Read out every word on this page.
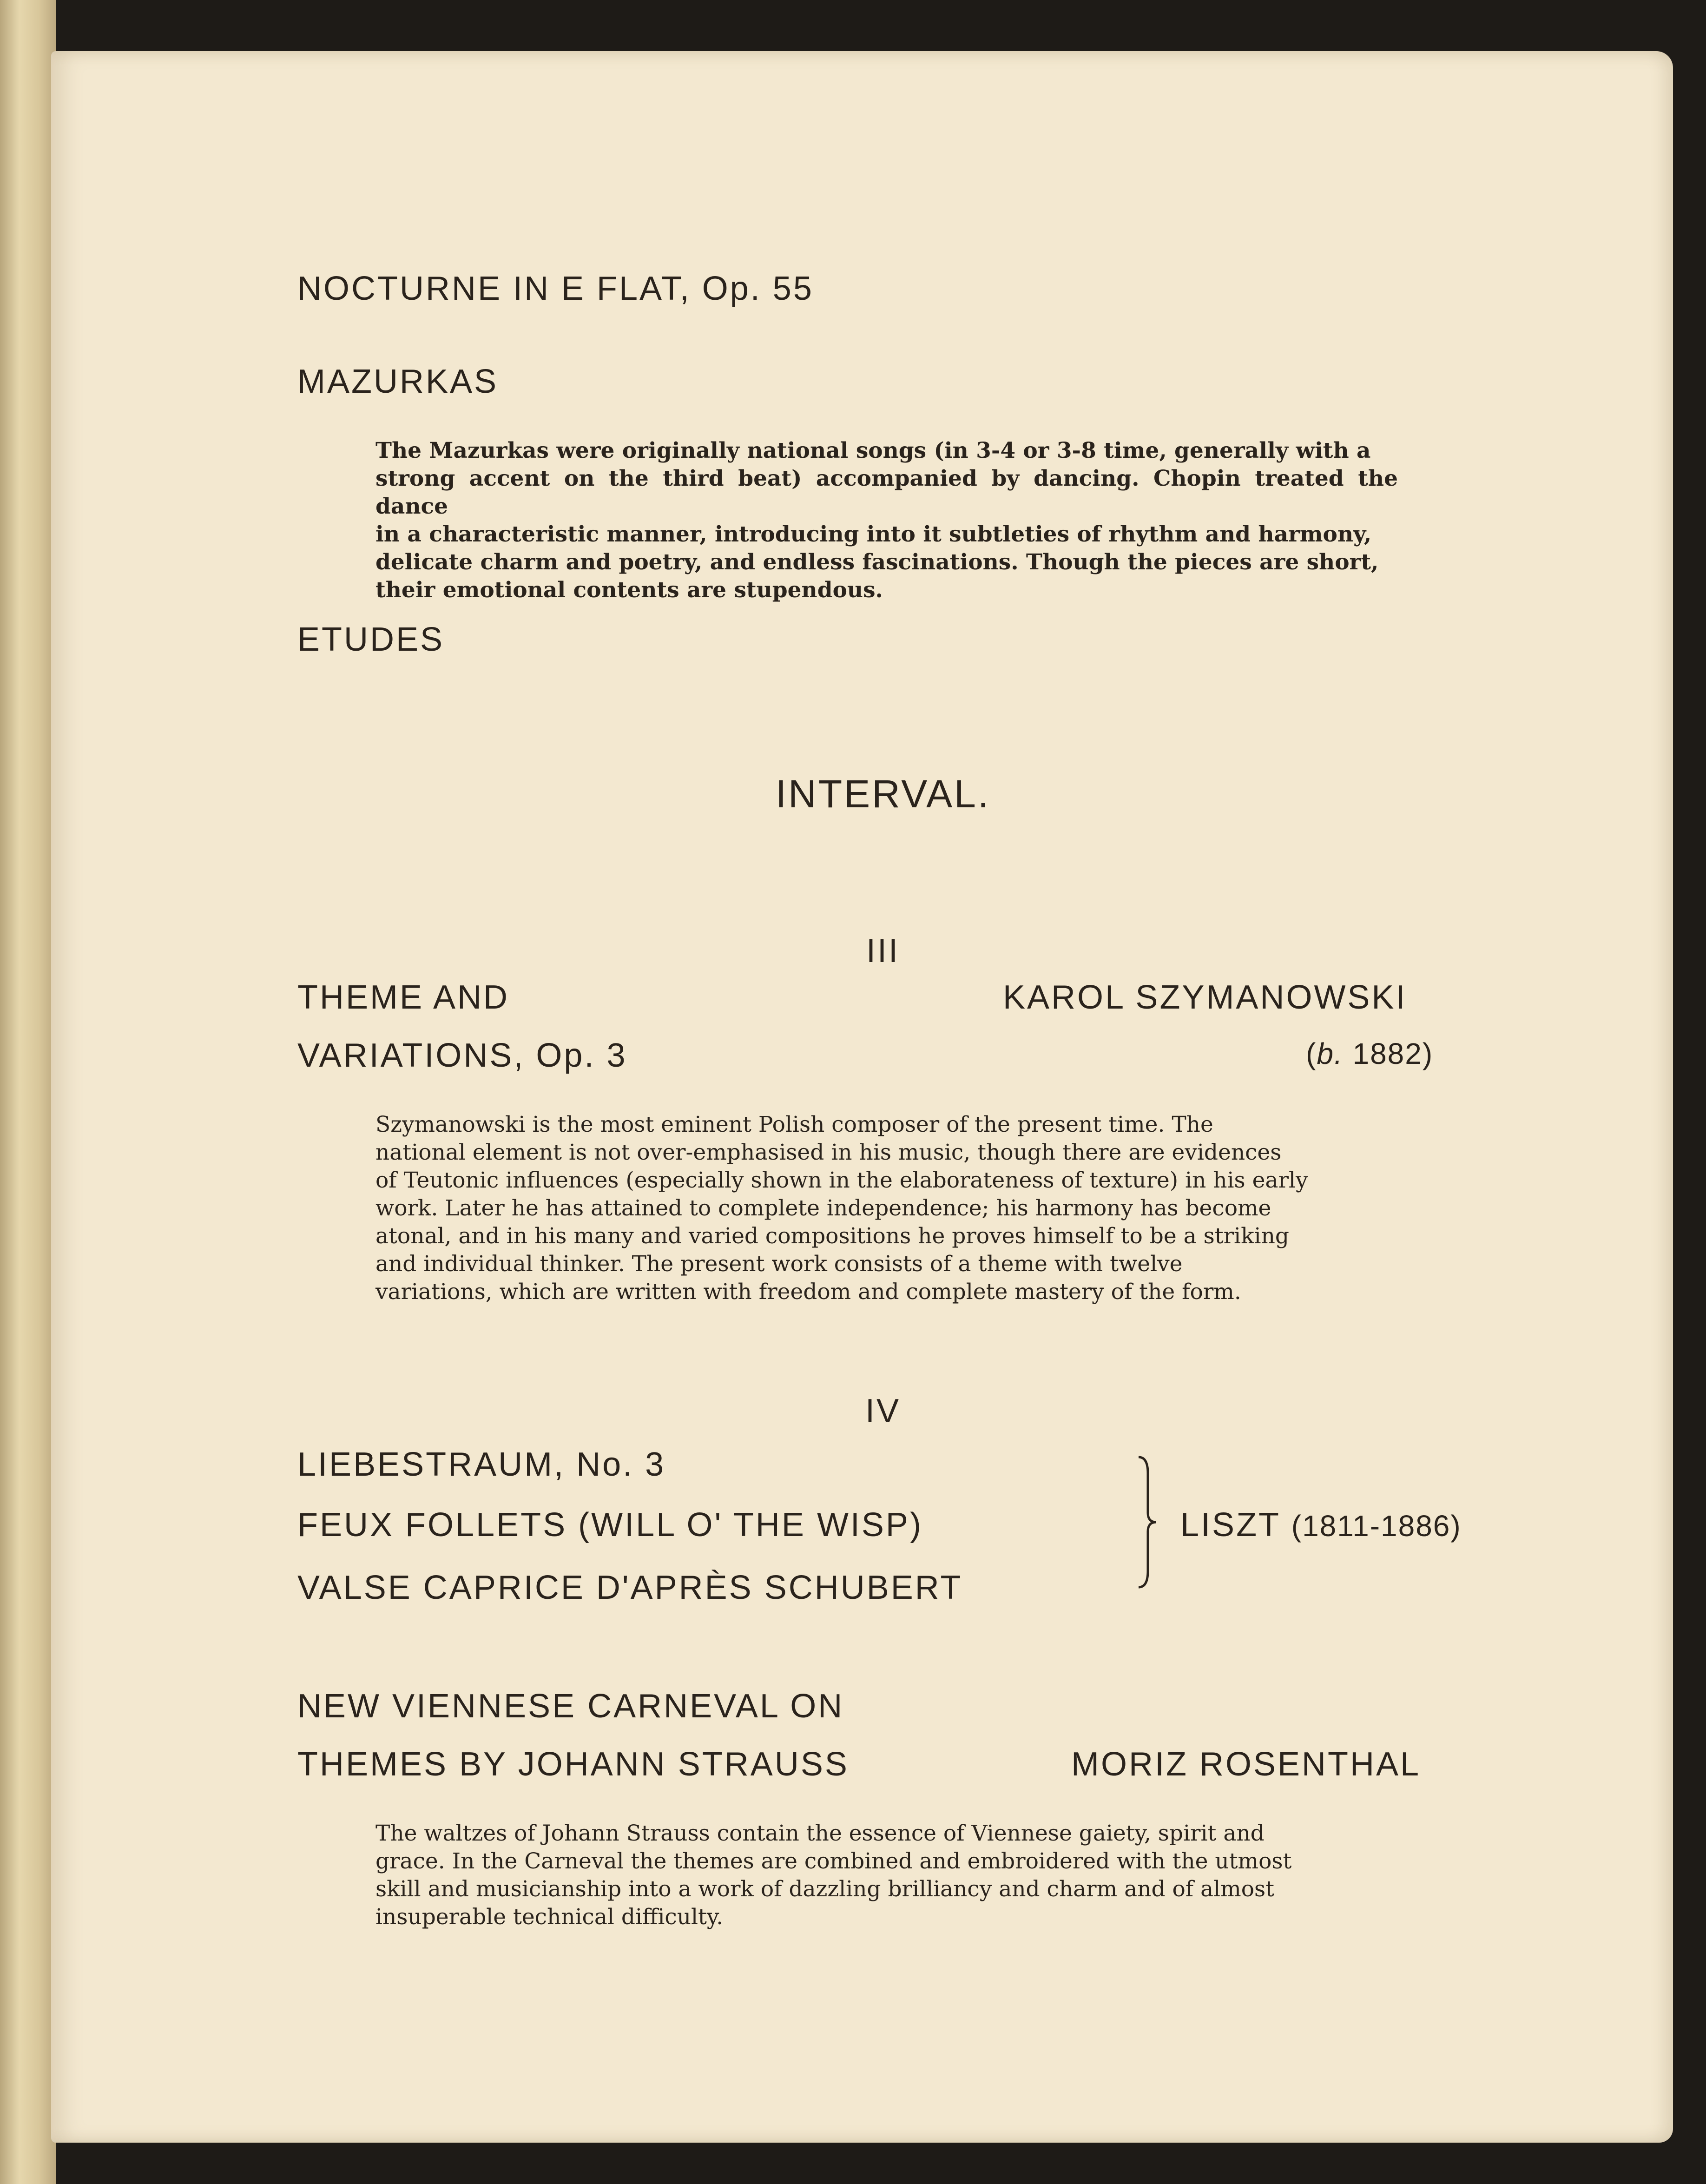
NOCTURNE IN E FLAT, Op. 55
MAZURKAS
The Mazurkas were originally national songs (in 3-4 or 3-8 time, generally with a
strong accent on the third beat) accompanied by dancing. Chopin treated the dance
in a characteristic manner, introducing into it subtleties of rhythm and harmony,
delicate charm and poetry, and endless fascinations. Though the pieces are short,
their emotional contents are stupendous.
ETUDES
INTERVAL.
III
THEME AND
VARIATIONS, Op. 3
KAROL SZYMANOWSKI
(b. 1882)
Szymanowski is the most eminent Polish composer of the present time. The
national element is not over-emphasised in his music, though there are evidences
of Teutonic influences (especially shown in the elaborateness of texture) in his early
work. Later he has attained to complete independence; his harmony has become
atonal, and in his many and varied compositions he proves himself to be a striking
and individual thinker. The present work consists of a theme with twelve
variations, which are written with freedom and complete mastery of the form.
IV
LIEBESTRAUM, No. 3
FEUX FOLLETS (WILL O' THE WISP)
VALSE CAPRICE D'APRÈS SCHUBERT
LISZT (1811-1886)
NEW VIENNESE CARNEVAL ON
THEMES BY JOHANN STRAUSS	MORIZ ROSENTHAL
The waltzes of Johann Strauss contain the essence of Viennese gaiety, spirit and
grace. In the Carneval the themes are combined and embroidered with the utmost
skill and musicianship into a work of dazzling brilliancy and charm and of almost
insuperable technical difficulty.
